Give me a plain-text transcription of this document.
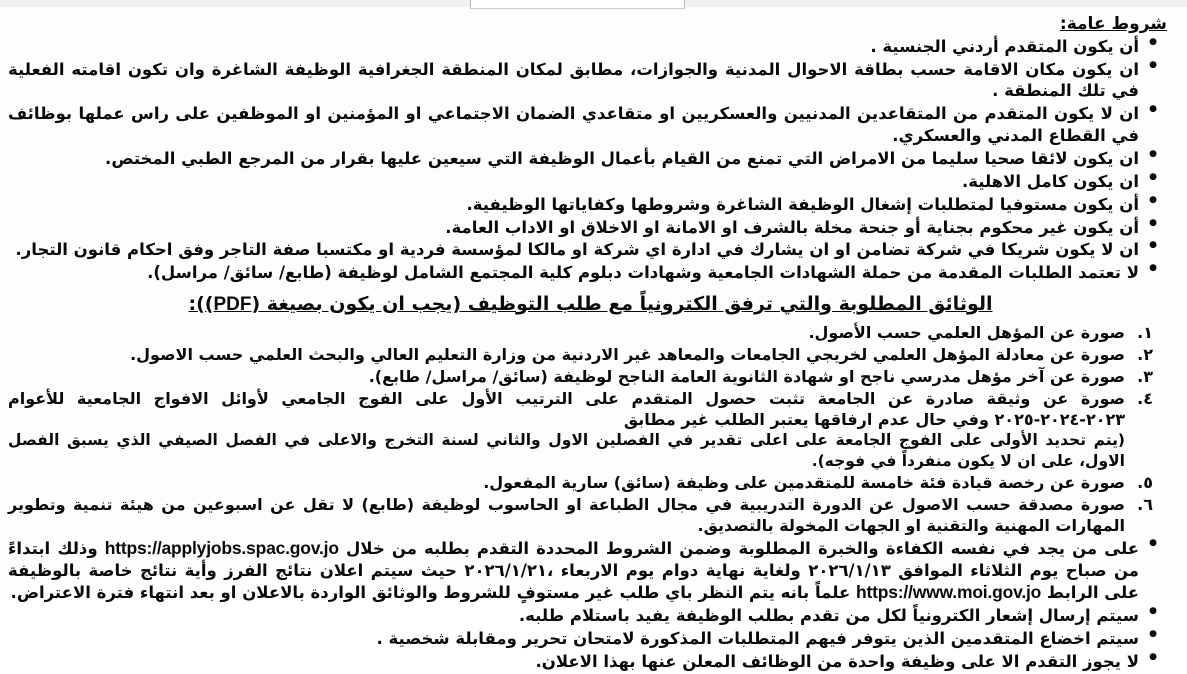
شروط عامة:
● أن يكون المتقدم أردني الجنسية .
● ان يكون مكان الاقامة حسب بطاقة الاحوال المدنية والجوازات، مطابق لمكان المنطقة الجغرافية الوظيفة الشاغرة وان تكون اقامته الفعلية في تلك المنطقة .
● ان لا يكون المتقدم من المتقاعدين المدنيين والعسكريين او متقاعدي الضمان الاجتماعي او المؤمنين او الموظفين على راس عملها بوظائف في القطاع المدني والعسكري.
● ان يكون لائقا صحيا سليما من الامراض التي تمنع من القيام بأعمال الوظيفة التي سيعين عليها بقرار من المرجع الطبي المختص.
● ان يكون كامل الاهلية.
● أن يكون مستوفيا لمتطلبات إشغال الوظيفة الشاغرة وشروطها وكفاياتها الوظيفية.
● أن يكون غير محكوم بجناية أو جنحة مخلة بالشرف او الامانة او الاخلاق او الاداب العامة.
● ان لا يكون شريكا في شركة تضامن او ان يشارك في ادارة اي شركة او مالكا لمؤسسة فردية او مكتسبا صفة التاجر وفق احكام قانون التجار.
● لا تعتمد الطلبات المقدمة من حملة الشهادات الجامعية وشهادات دبلوم كلية المجتمع الشامل لوظيفة (طابع/ سائق/ مراسل).
الوثائق المطلوبة والتي ترفق الكترونياً مع طلب التوظيف (يجب ان يكون بصيغة (PDF)):
صورة عن المؤهل العلمي حسب الأصول.
صورة عن معادلة المؤهل العلمي لخريجي الجامعات والمعاهد غير الاردنية من وزارة التعليم العالي والبحث العلمي حسب الاصول.
صورة عن آخر مؤهل مدرسي ناجح او شهادة الثانوية العامة الناجح لوظيفة (سائق/ مراسل/ طابع).
صورة عن وثيقة صادرة عن الجامعة تثبت حصول المتقدم على الترتيب الأول على الفوج الجامعي لأوائل الافواج الجامعية للأعوام ٢٠٢٣-٢٠٢٤-٢٠٢٥ وفي حال عدم ارفاقها يعتبر الطلب غير مطابق
(يتم تحديد الأولى على الفوج الجامعة على اعلى تقدير في الفصلين الاول والثاني لسنة التخرج والاعلى في الفصل الصيفي الذي يسبق الفصل الاول، على ان لا يكون منفرداً في فوجه).
صورة عن رخصة قيادة فئة خامسة للمتقدمين على وظيفة (سائق) سارية المفعول.
صورة مصدقة حسب الاصول عن الدورة التدريبية في مجال الطباعة او الحاسوب لوظيفة (طابع) لا تقل عن اسبوعين من هيئة تنمية وتطوير المهارات المهنية والتقنية او الجهات المخولة بالتصديق.
● على من يجد في نفسه الكفاءة والخبرة المطلوبة وضمن الشروط المحددة التقدم بطلبه من خلال https://applyjobs.spac.gov.jo وذلك ابتداءً من صباح يوم الثلاثاء الموافق ٢٠٢٦/١/١٣ ولغاية نهاية دوام يوم الاربعاء ،٢٠٢٦/١/٢١ حيث سيتم اعلان نتائج الفرز وأية نتائج خاصة بالوظيفة على الرابط https://www.moi.gov.jo علماً بانه يتم النظر باي طلب غير مستوفٍ للشروط والوثائق الواردة بالاعلان او بعد انتهاء فترة الاعتراض.
● سيتم إرسال إشعار الكترونياً لكل من تقدم بطلب الوظيفة يفيد باستلام طلبه.
● سيتم اخضاع المتقدمين الذين يتوفر فيهم المتطلبات المذكورة لامتحان تحرير ومقابلة شخصية .
● لا يجوز التقدم الا على وظيفة واحدة من الوظائف المعلن عنها بهذا الاعلان.
